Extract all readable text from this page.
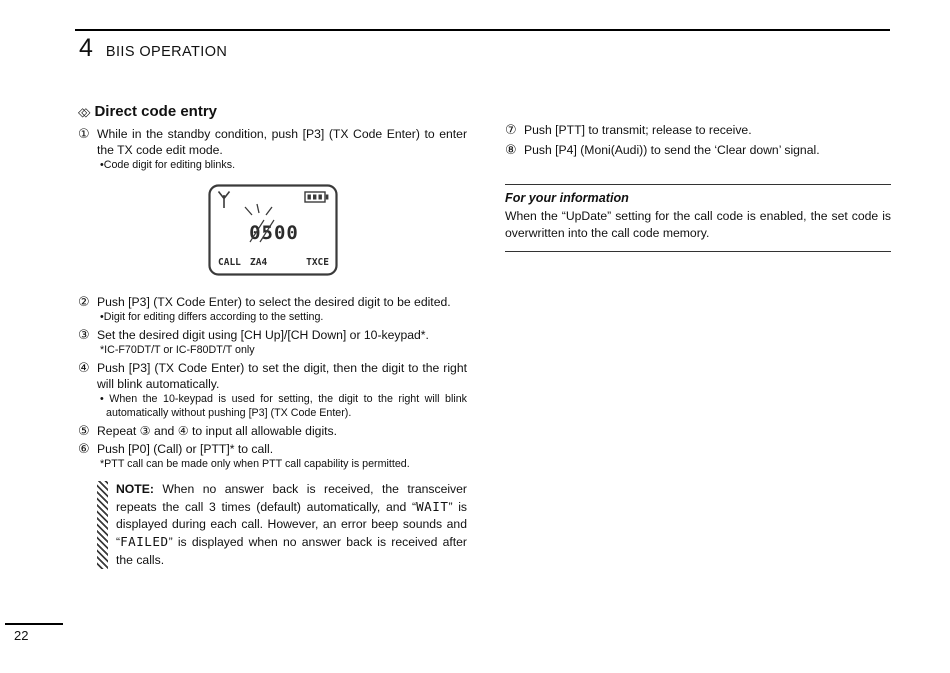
4 BIIS OPERATION
◇◇ Direct code entry
① While in the standby condition, push [P3] (TX Code Enter) to enter the TX code edit mode.
•Code digit for editing blinks.
0500
CALL ZA4	TXCE
② Push [P3] (TX Code Enter) to select the desired digit to be edited.
•Digit for editing differs according to the setting.
③ Set the desired digit using [CH Up]/[CH Down] or 10-keypad*.
*IC-F70DT/T or IC-F80DT/T only
④ Push [P3] (TX Code Enter) to set the digit, then the digit to the right will blink automatically.
• When the 10-keypad is used for setting, the digit to the right will blink automatically without pushing [P3] (TX Code Enter).
⑤ Repeat ③ and ④ to input all allowable digits.
⑥ Push [P0] (Call) or [PTT]* to call.
*PTT call can be made only when PTT call capability is permitted.
NOTE: When no answer back is received, the transceiver repeats the call 3 times (default) automatically, and “WAIT” is displayed during each call. However, an error beep sounds and “FAILED” is displayed when no answer back is received after the calls.
⑦ Push [PTT] to transmit; release to receive.
⑧ Push [P4] (Moni(Audi)) to send the ‘Clear down’ signal.
For your information
When the “UpDate” setting for the call code is enabled, the set code is overwritten into the call code memory.
22
